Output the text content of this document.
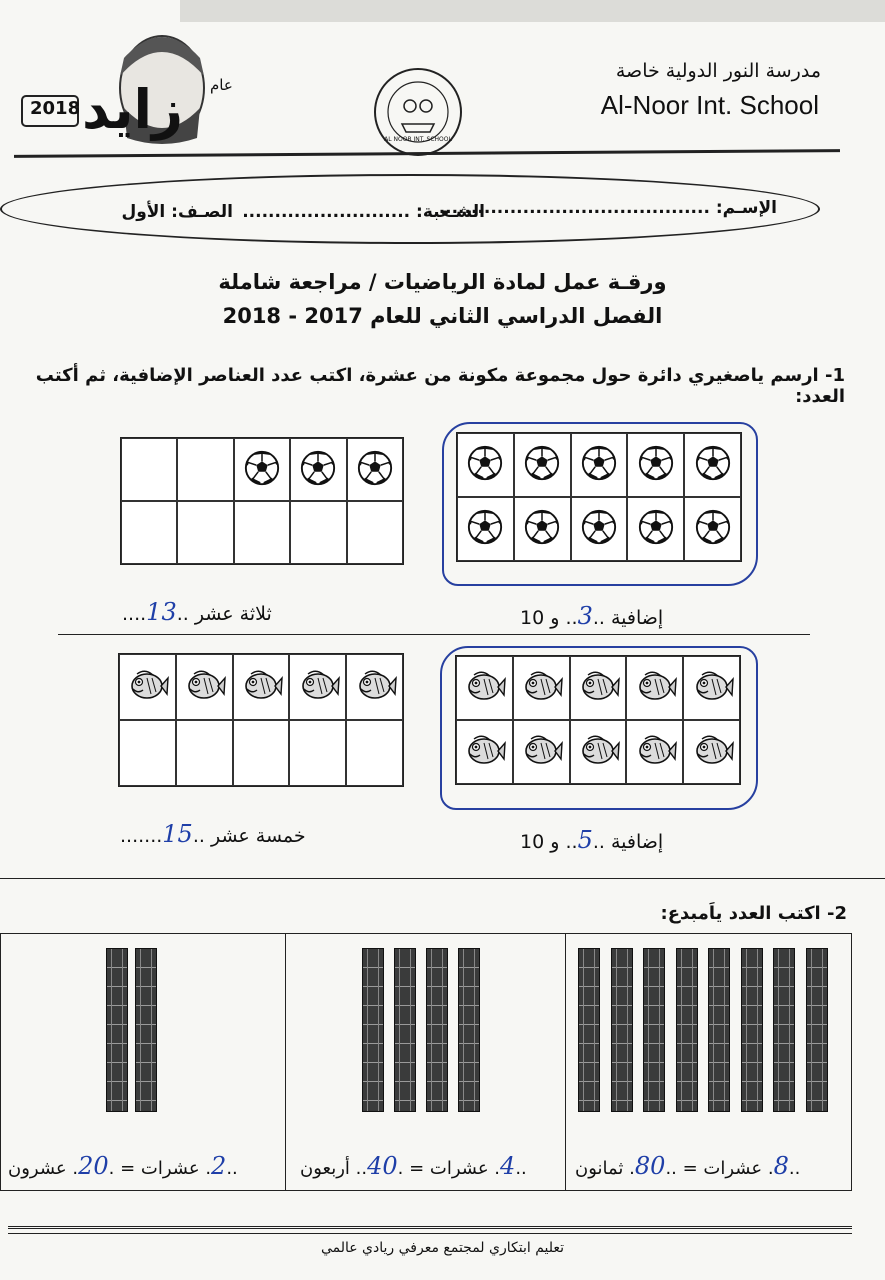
2018
عام
زايد	AL NOOR INT. SCHOOL
مدرسة النور الدولية خاصة
Al-Noor Int. School
الإسـم: ..........................................
الشـعبة: ..........................
الصـف: الأول
ورقـة عمل لمادة الرياضيات / مراجعة شاملة
الفصل الدراسي الثاني للعام 2017 - 2018
1- ارسم ياصغيري دائرة حول مجموعة مكونة من عشرة، اكتب عدد العناصر الإضافية، ثم أكتب العدد:
إضافية ..3.. و 10
ثلاثة عشر ..13....
إضافية ..5.. و 10
خمسة عشر ..15.......
2- اكتب العدد ياَمبدع:
..8. عشرات = ..80. ثمانون
..4. عشرات = .40.. أربعون
..2. عشرات = .20. عشرون
تعليم ابتكاري لمجتمع معرفي ريادي عالمي
